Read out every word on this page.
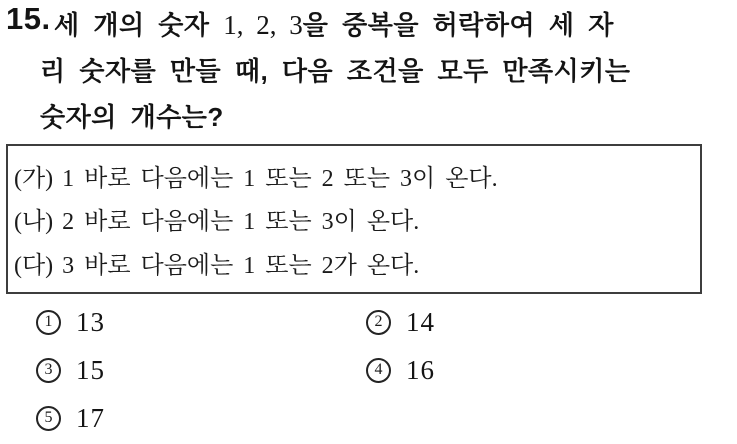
15. 세 개의 숫자 1, 2, 3을 중복을 허락하여 세 자
리 숫자를 만들 때, 다음 조건을 모두 만족시키는
숫자의 개수는?
(가) 1 바로 다음에는 1 또는 2 또는 3이 온다.
(나) 2 바로 다음에는 1 또는 3이 온다.
(다) 3 바로 다음에는 1 또는 2가 온다.
1 13	2 14
3 15	4 16
5 17
